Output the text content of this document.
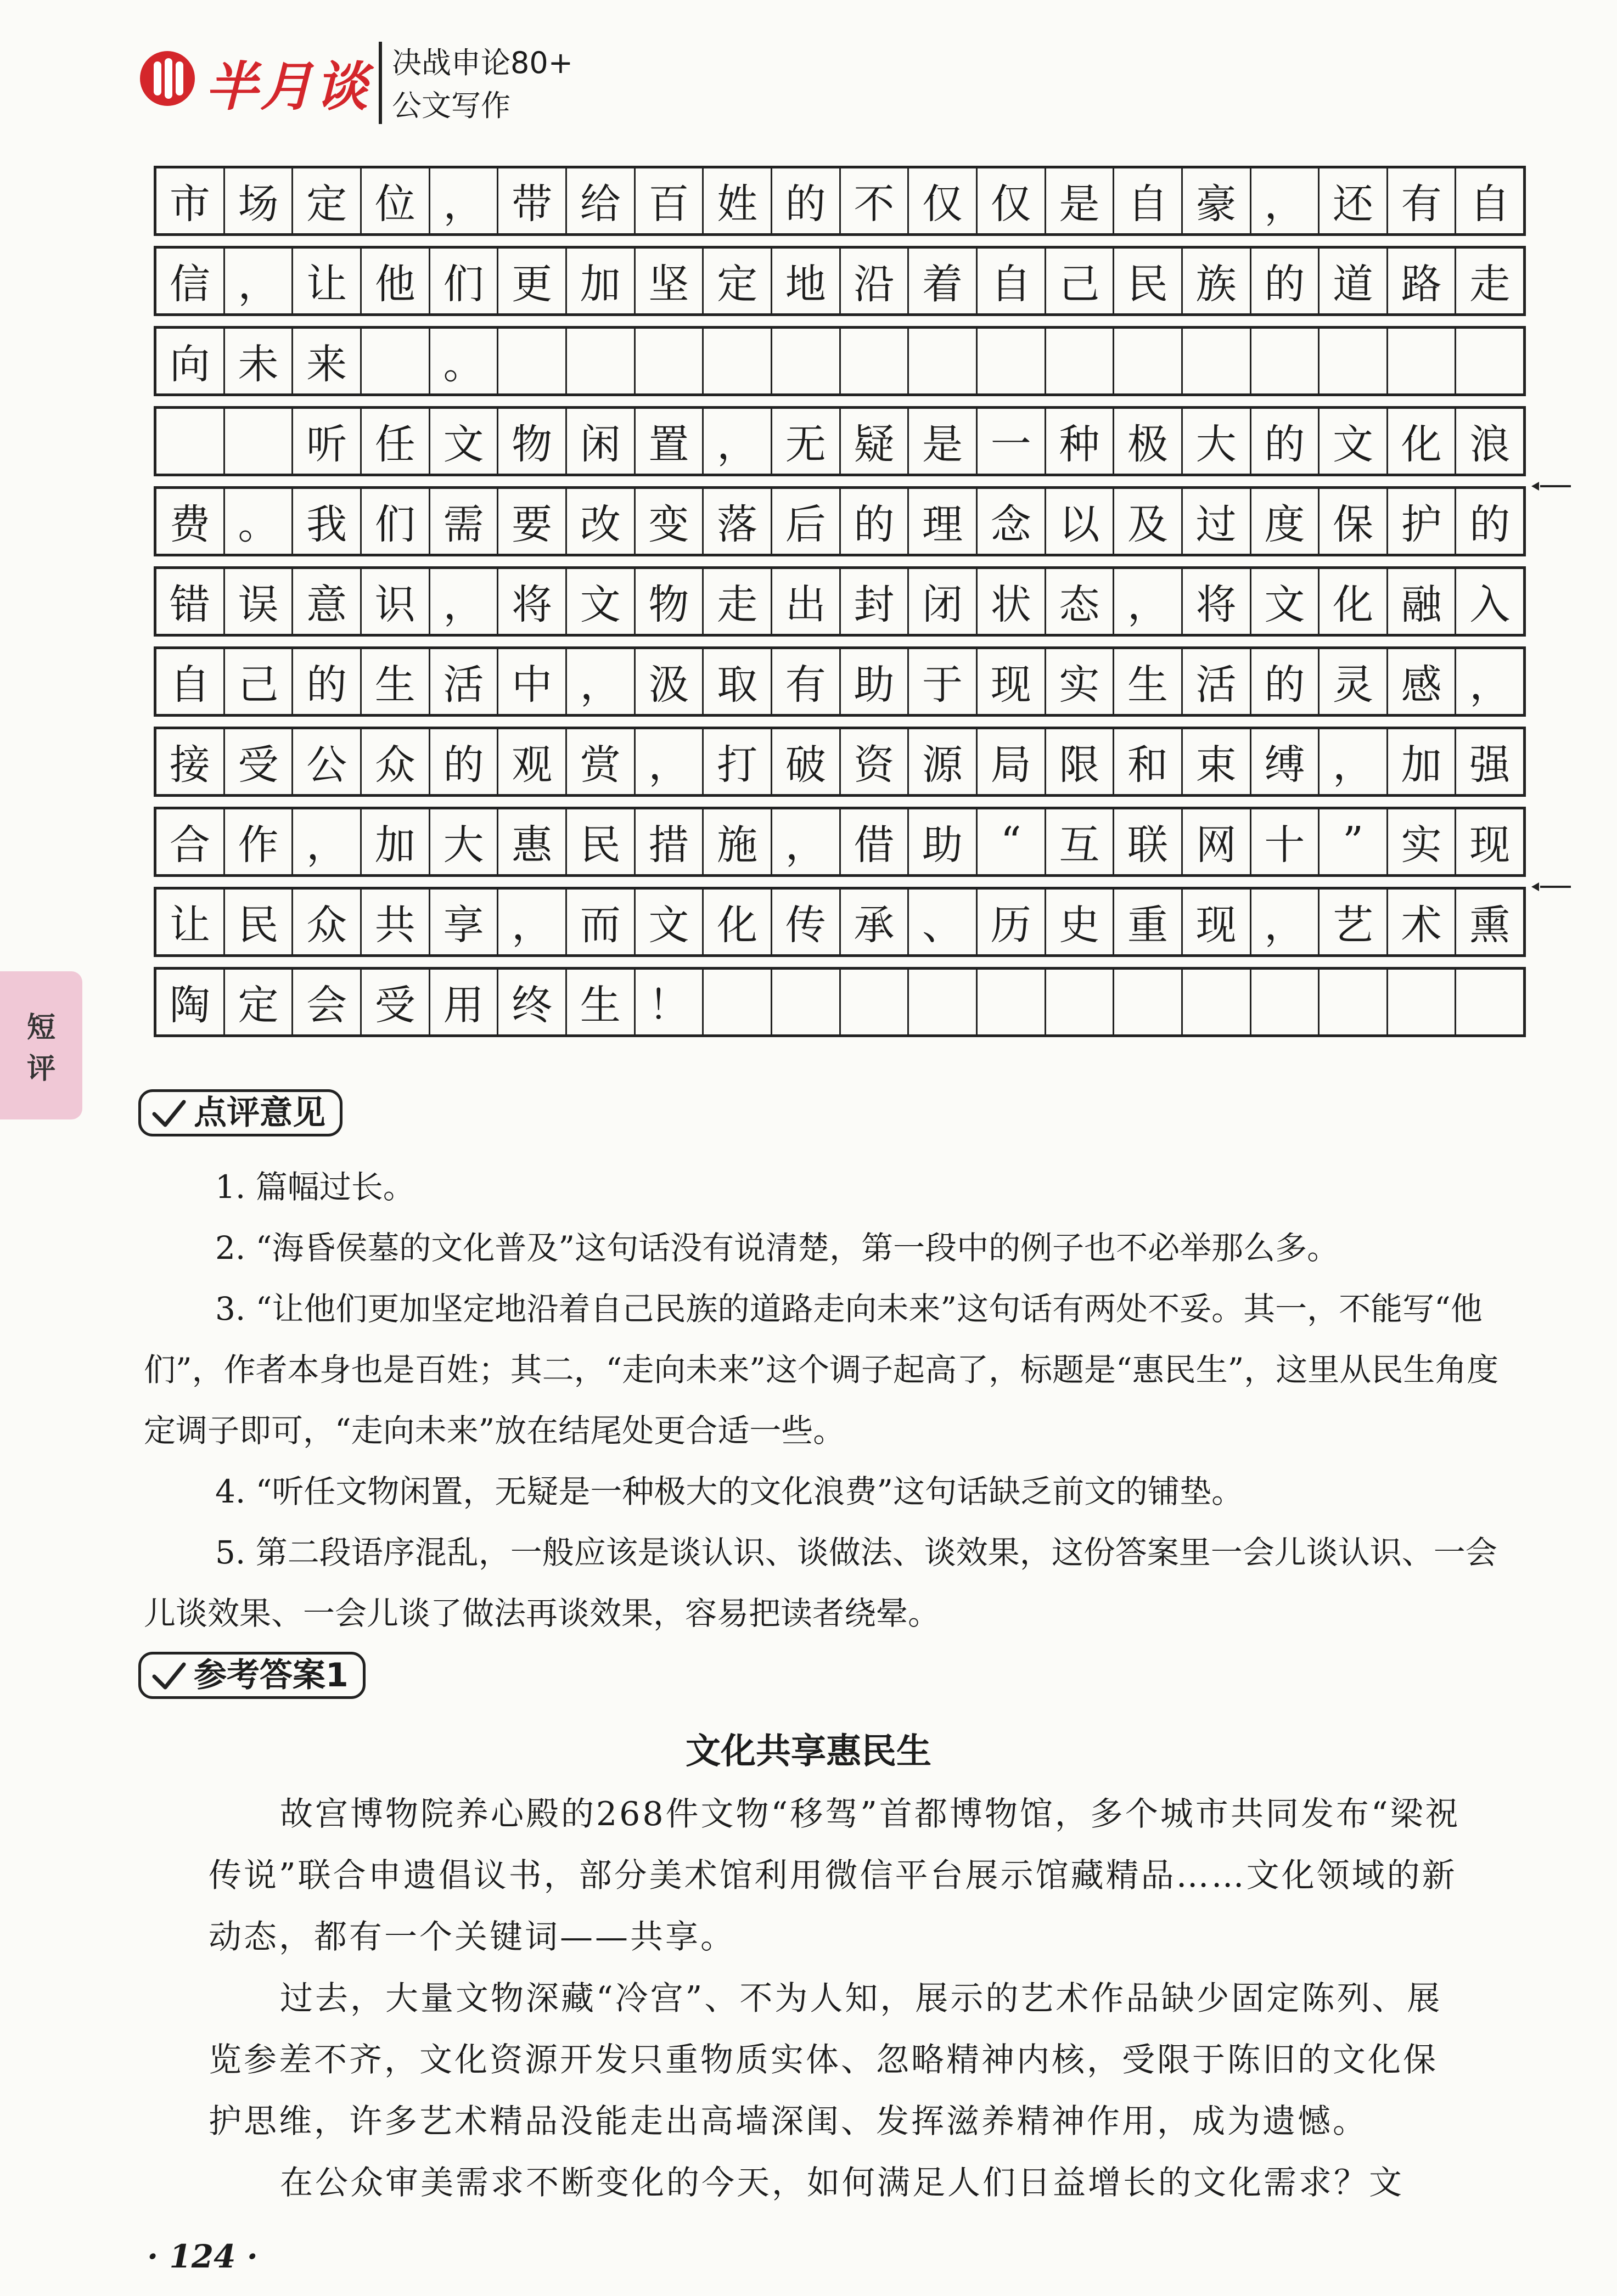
半月谈 决战申论80+
公文写作
短
评
市 场 定 位 ， 带 给 百 姓 的 不 仅 仅 是 自 豪 ， 还 有 自
信 ， 让 他 们 更 加 坚 定 地 沿 着 自 己 民 族 的 道 路 走
向 未 来	。
听 任 文 物 闲 置 ， 无 疑 是 一 种 极 大 的 文 化 浪
费 。 我 们 需 要 改 变 落 后 的 理 念 以 及 过 度 保 护 的
错 误 意 识 ， 将 文 物 走 出 封 闭 状 态 ， 将 文 化 融 入
自 己 的 生 活 中 ， 汲 取 有 助 于 现 实 生 活 的 灵 感 ，
接 受 公 众 的 观 赏 ， 打 破 资 源 局 限 和 束 缚 ， 加 强
合 作 ， 加 大 惠 民 措 施 ， 借 助 “ 互 联 网 十 ” 实 现
让 民 众 共 享 ， 而 文 化 传 承 、 历 史 重 现 ， 艺 术 熏
陶 定 会 受 用 终 生 ！
点评意见

1. 篇幅过长。

2. “海昏侯墓的文化普及”这句话没有说清楚，第一段中的例子也不必举那么多。

3. “让他们更加坚定地沿着自己民族的道路走向未来”这句话有两处不妥。其一，不能写“他们”，作者本身也是百姓；其二，“走向未来”这个调子起高了，标题是“惠民生”，这里从民生角度定调子即可，“走向未来”放在结尾处更合适一些。

4. “听任文物闲置，无疑是一种极大的文化浪费”这句话缺乏前文的铺垫。

5. 第二段语序混乱，一般应该是谈认识、谈做法、谈效果，这份答案里一会儿谈认识、一会儿谈效果、一会儿谈了做法再谈效果，容易把读者绕晕。

参考答案1
文化共享惠民生

故宫博物院养心殿的268件文物“移驾”首都博物馆，多个城市共同发布“梁祝传说”联合申遗倡议书，部分美术馆利用微信平台展示馆藏精品……文化领域的新动态，都有一个关键词——共享。

过去，大量文物深藏“冷宫”、不为人知，展示的艺术作品缺少固定陈列、展览参差不齐，文化资源开发只重物质实体、忽略精神内核，受限于陈旧的文化保护思维，许多艺术精品没能走出高墙深闺、发挥滋养精神作用，成为遗憾。

在公众审美需求不断变化的今天，如何满足人们日益增长的文化需求？文

· 124 ·
